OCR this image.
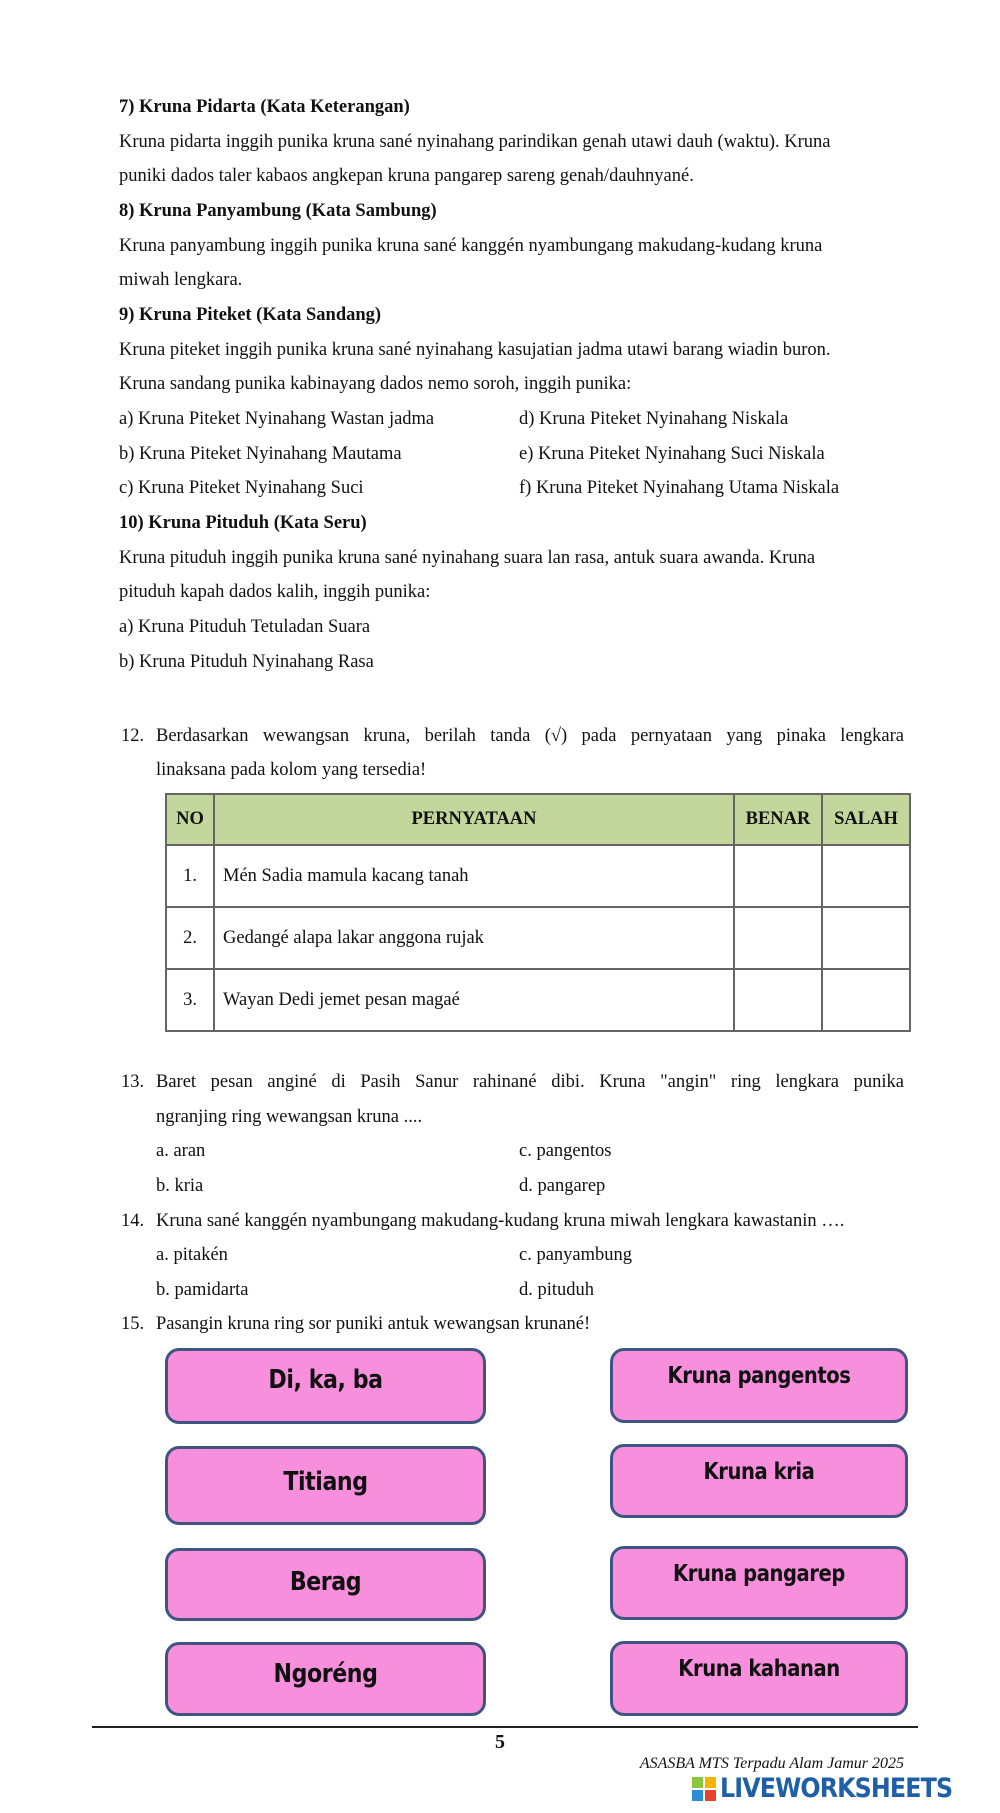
7) Kruna Pidarta (Kata Keterangan)
Kruna pidarta inggih punika kruna sané nyinahang parindikan genah utawi dauh (waktu). Kruna
puniki dados taler kabaos angkepan kruna pangarep sareng genah/dauhnyané.
8) Kruna Panyambung (Kata Sambung)
Kruna panyambung inggih punika kruna sané kanggén nyambungang makudang-kudang kruna
miwah lengkara.
9) Kruna Piteket (Kata Sandang)
Kruna piteket inggih punika kruna sané nyinahang kasujatian jadma utawi barang wiadin buron.
Kruna sandang punika kabinayang dados nemo soroh, inggih punika:
a) Kruna Piteket Nyinahang Wastan jadma	d) Kruna Piteket Nyinahang Niskala
b) Kruna Piteket Nyinahang Mautama	e) Kruna Piteket Nyinahang Suci Niskala
c) Kruna Piteket Nyinahang Suci	f) Kruna Piteket Nyinahang Utama Niskala
10) Kruna Pituduh (Kata Seru)
Kruna pituduh inggih punika kruna sané nyinahang suara lan rasa, antuk suara awanda. Kruna
pituduh kapah dados kalih, inggih punika:
a) Kruna Pituduh Tetuladan Suara
b) Kruna Pituduh Nyinahang Rasa
12. Berdasarkan wewangsan kruna, berilah tanda (√) pada pernyataan yang pinaka lengkara
linaksana pada kolom yang tersedia!
NO	PERNYATAAN	BENAR	SALAH
1.	Mén Sadia mamula kacang tanah		
2.	Gedangé alapa lakar anggona rujak		
3.	Wayan Dedi jemet pesan magaé		
13. Baret pesan anginé di Pasih Sanur rahinané dibi. Kruna "angin" ring lengkara punika
ngranjing ring wewangsan kruna ....
a. aran	c. pangentos
b. kria	d. pangarep
14. Kruna sané kanggén nyambungang makudang-kudang kruna miwah lengkara kawastanin ….
a. pitakén	c. panyambung
b. pamidarta	d. pituduh
15. Pasangin kruna ring sor puniki antuk wewangsan krunané!
Di, ka, ba
Titiang
Berag
Ngoréng
Kruna pangentos
Kruna kria
Kruna pangarep
Kruna kahanan
5
ASASBA MTS Terpadu Alam Jamur 2025
LIVEWORKSHEETS
